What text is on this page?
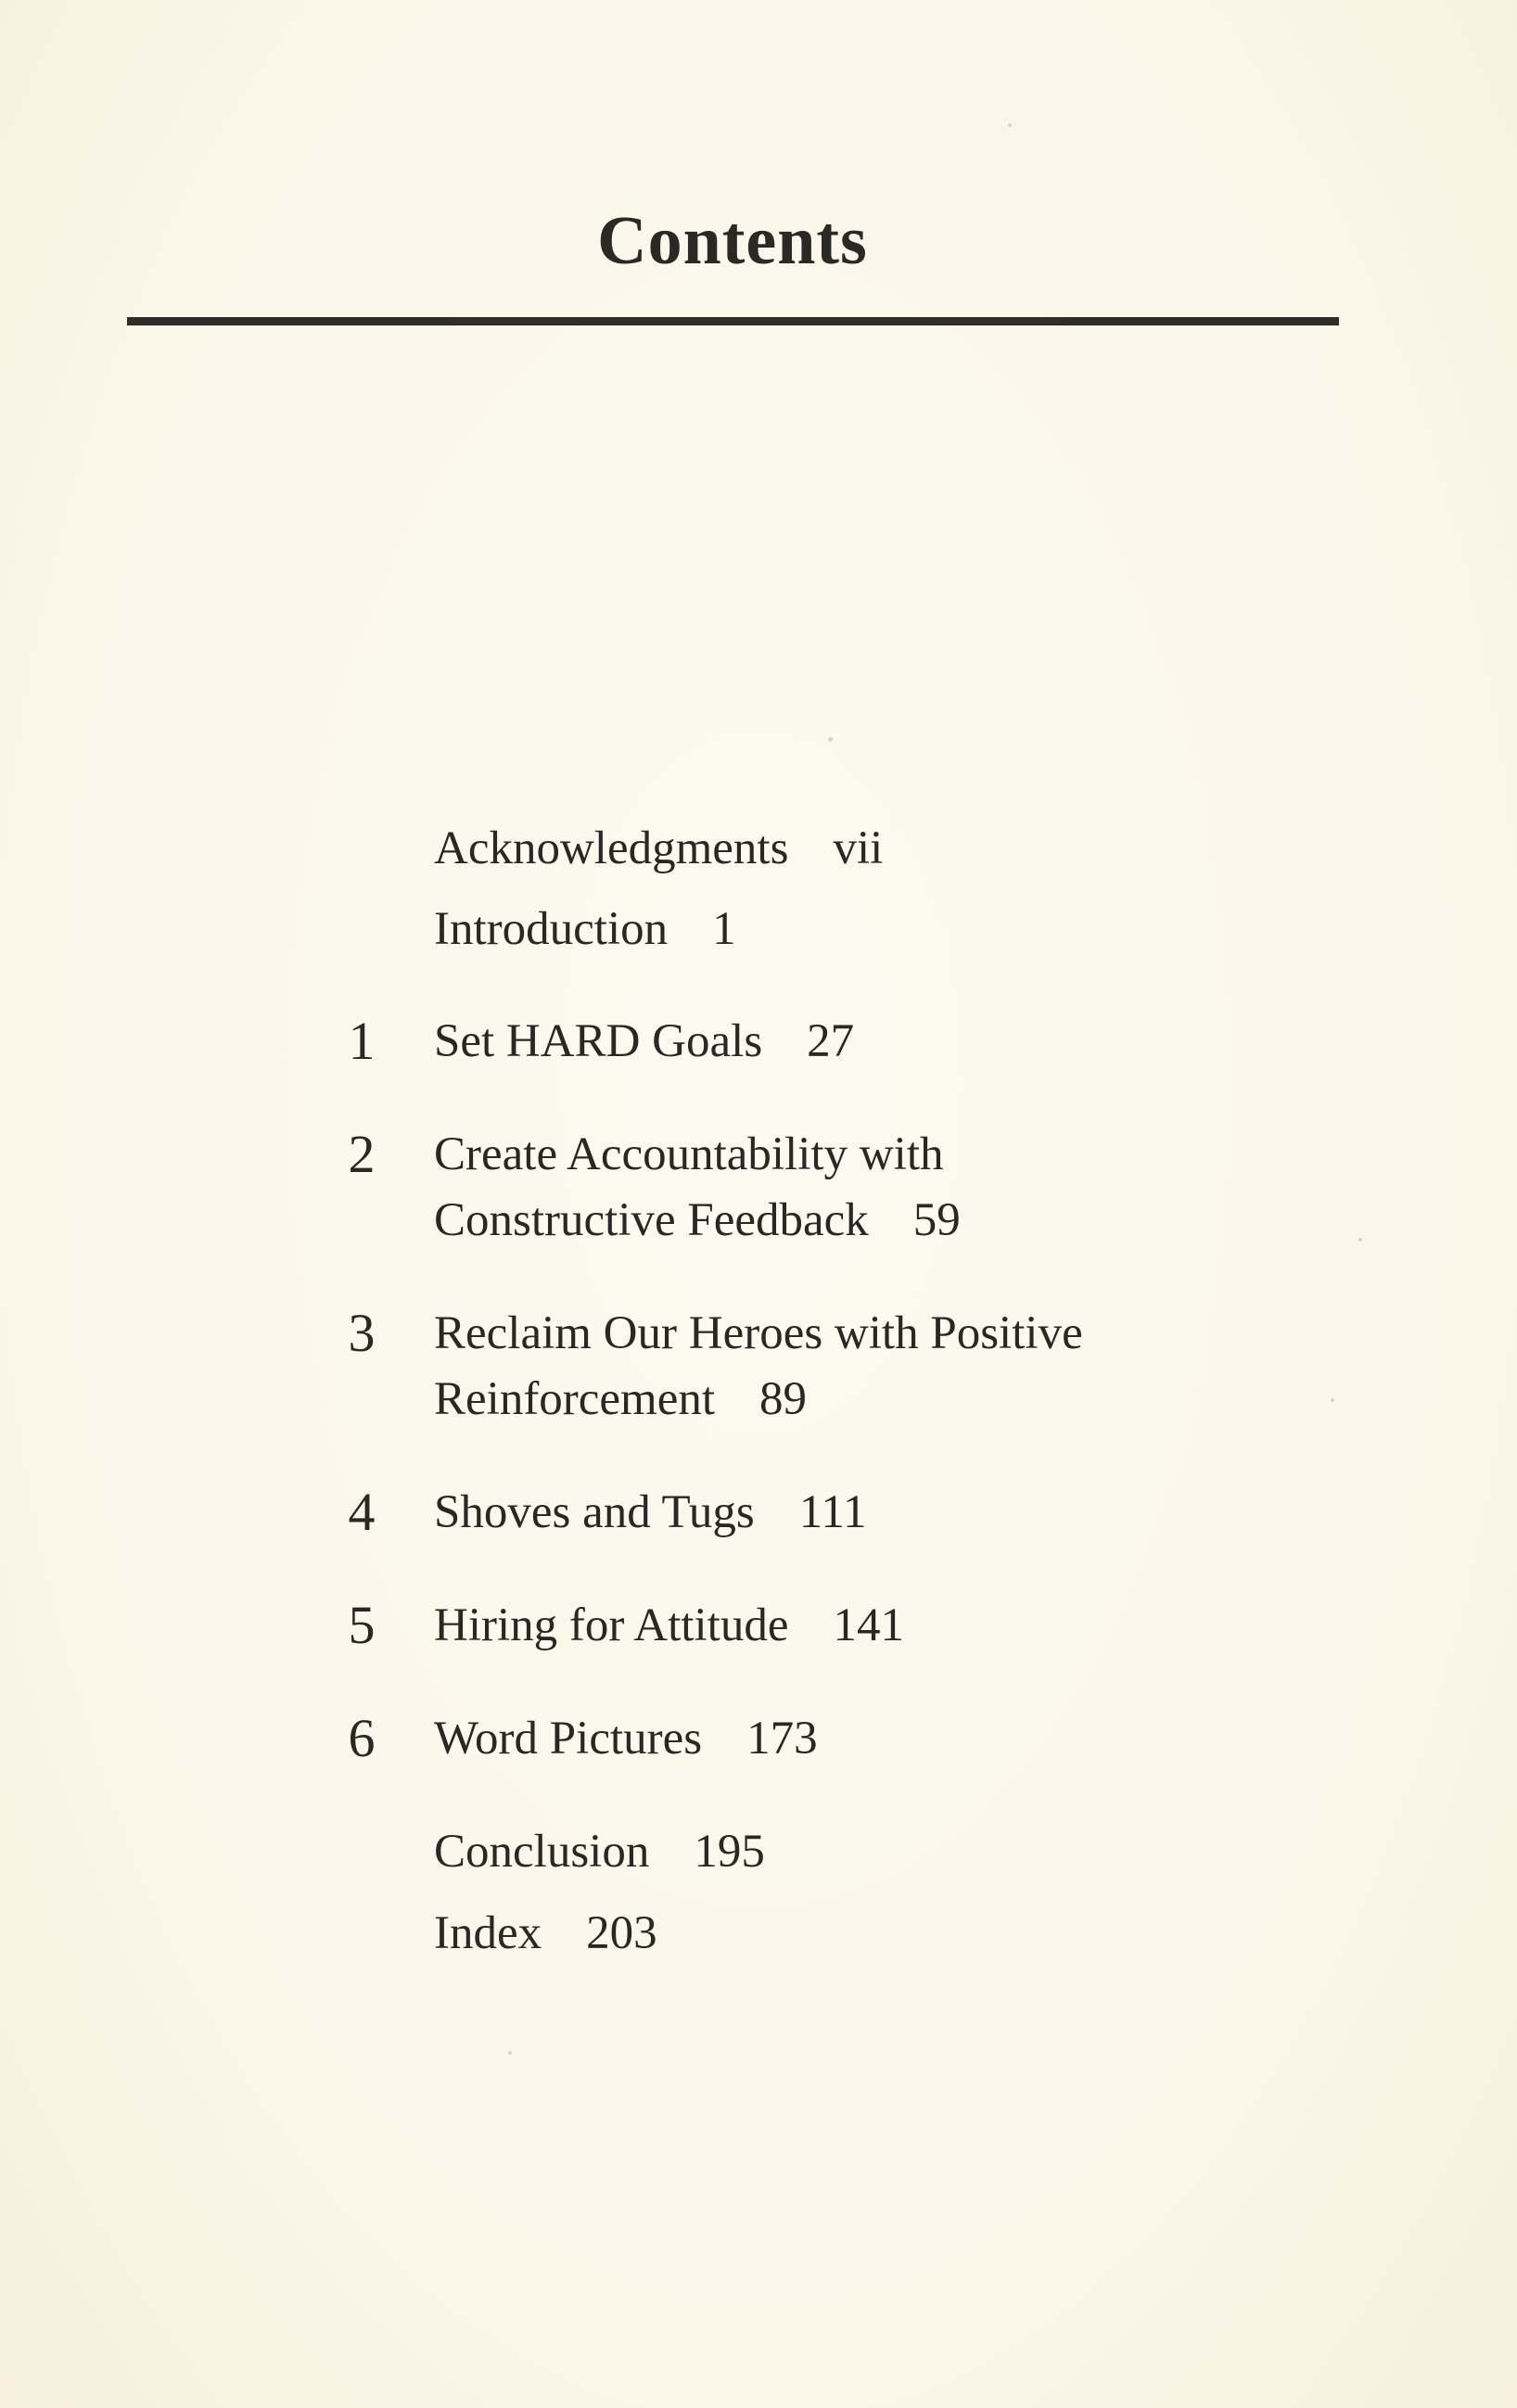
Contents
Acknowledgments vii
Introduction 1
1 Set HARD Goals 27
2 Create Accountability with
Constructive Feedback 59
3 Reclaim Our Heroes with Positive
Reinforcement 89
4 Shoves and Tugs 111
5 Hiring for Attitude 141
6 Word Pictures 173
Conclusion 195
Index 203
